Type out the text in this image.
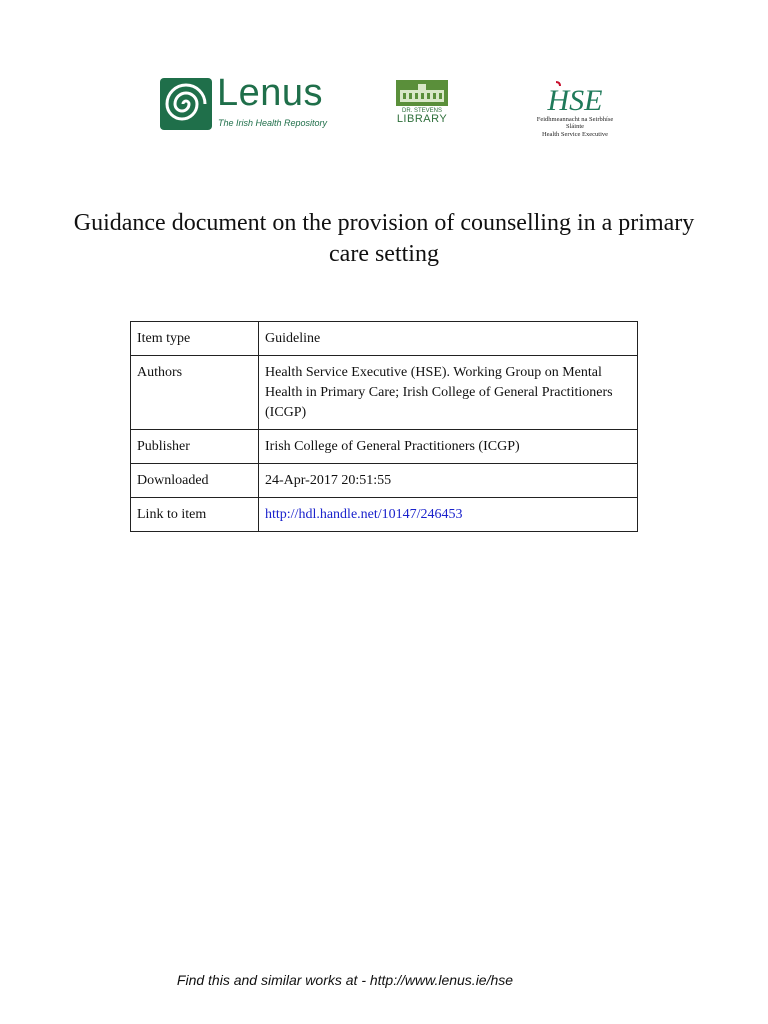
Lenus
The Irish Health Repository
DR. STEVENS
LIBRARY
HSE
Feidhmeannacht na Seirbhíse Sláinte
Health Service Executive
Guidance document on the provision of counselling in a primary
care setting
Item type	Guideline
Authors	Health Service Executive (HSE). Working Group on Mental Health in Primary Care; Irish College of General Practitioners (ICGP)
Publisher	Irish College of General Practitioners (ICGP)
Downloaded	24-Apr-2017 20:51:55
Link to item	http://hdl.handle.net/10147/246453
Find this and similar works at - http://www.lenus.ie/hse
